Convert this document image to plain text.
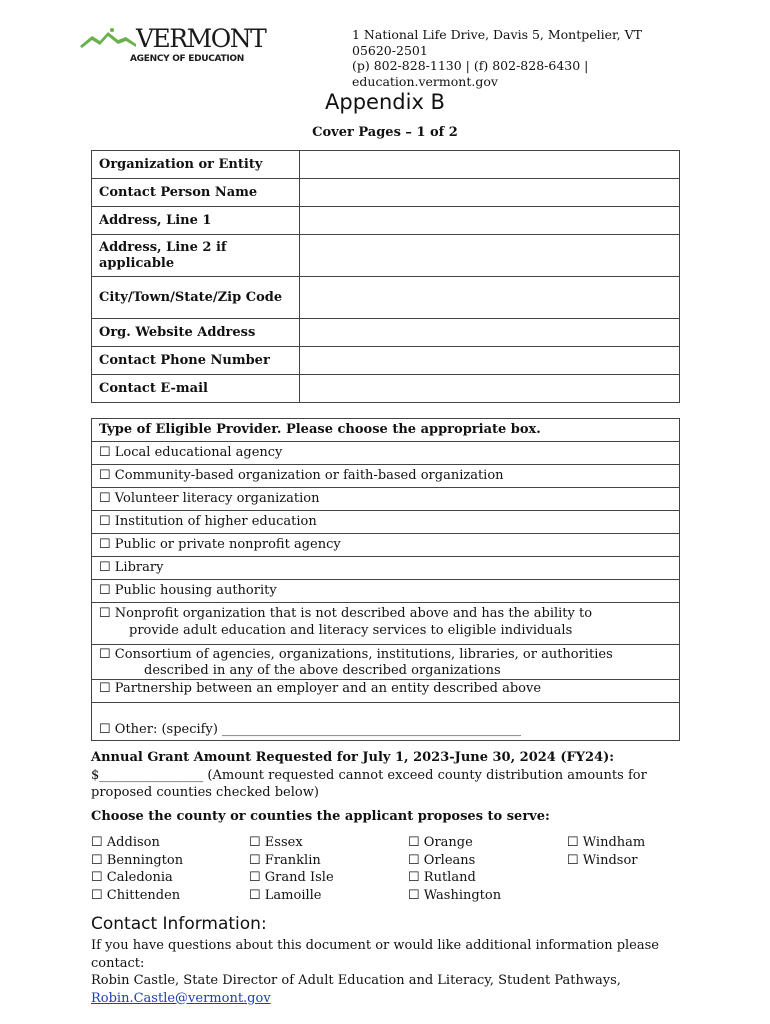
VERMONT
AGENCY OF EDUCATION
1 National Life Drive, Davis 5, Montpelier, VT
05620-2501
(p) 802-828-1130 | (f) 802-828-6430 |
education.vermont.gov
Appendix B
Cover Pages – 1 of 2
Organization or Entity	
Contact Person Name	
Address, Line 1	
Address, Line 2 if applicable	
City/Town/State/Zip Code	
Org. Website Address	
Contact Phone Number	
Contact E-mail	
Type of Eligible Provider. Please choose the appropriate box.
☐ Local educational agency
☐ Community-based organization or faith-based organization
☐ Volunteer literacy organization
☐ Institution of higher education
☐ Public or private nonprofit agency
☐ Library
☐ Public housing authority
☐ Nonprofit organization that is not described above and has the ability to
provide adult education and literacy services to eligible individuals

☐ Consortium of agencies, organizations, institutions, libraries, or authorities
described in any of the above described organizations

☐ Partnership between an employer and an entity described above
☐ Other: (specify) ______________________________________________
Annual Grant Amount Requested for July 1, 2023-June 30, 2024 (FY24):
$________________ (Amount requested cannot exceed county distribution amounts for proposed counties checked below)
Choose the county or counties the applicant proposes to serve:
☐ Addison
☐ Bennington
☐ Caledonia
☐ Chittenden
☐ Essex
☐ Franklin
☐ Grand Isle
☐ Lamoille
☐ Orange
☐ Orleans
☐ Rutland
☐ Washington
☐ Windham
☐ Windsor
Contact Information:
If you have questions about this document or would like additional information please contact:
Robin Castle, State Director of Adult Education and Literacy, Student Pathways,
Robin.Castle@vermont.gov
